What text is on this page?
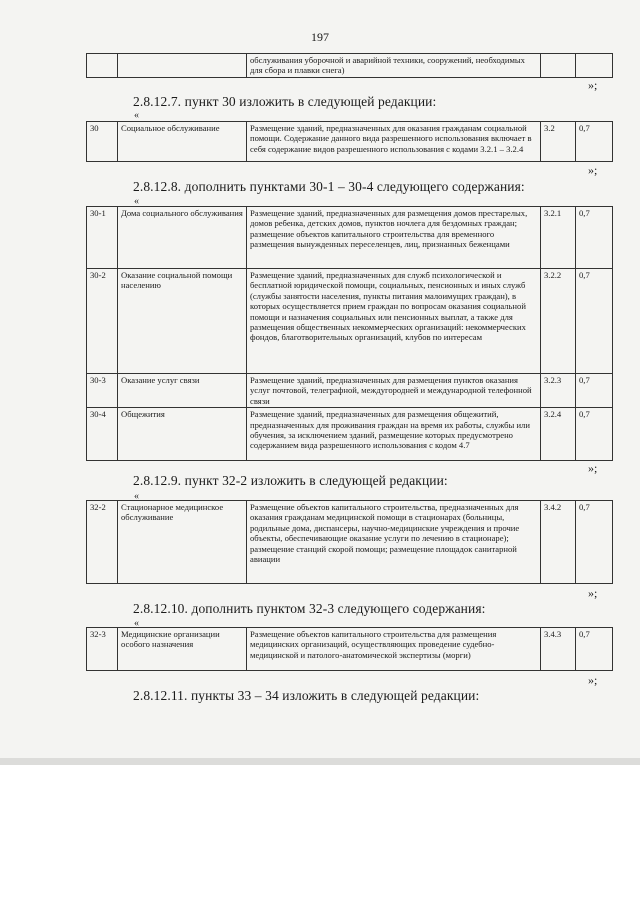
197
		обслуживания уборочной и аварийной техники, сооружений, необходимых для сбора и плавки снега)		
»;
2.8.12.7. пункт 30 изложить в следующей редакции:
«
30	Социальное обслуживание	Размещение зданий, предназначенных для оказания гражданам социальной помощи. Содержание данного вида разрешенного использования включает в себя содержание видов разрешенного использования с кодами 3.2.1 – 3.2.4	3.2	0,7
»;
2.8.12.8. дополнить пунктами 30-1 – 30-4 следующего содержания:
«
30-1	Дома социального обслуживания	Размещение зданий, предназначенных для размещения домов престарелых, домов ребенка, детских домов, пунктов ночлега для бездомных граждан; размещение объектов капитального строительства для временного размещения вынужденных переселенцев, лиц, признанных беженцами	3.2.1	0,7
30-2	Оказание социальной помощи населению	Размещение зданий, предназначенных для служб психологической и бесплатной юридической помощи, социальных, пенсионных и иных служб (службы занятости населения, пункты питания малоимущих граждан), в которых осуществляется прием граждан по вопросам оказания социальной помощи и назначения социальных или пенсионных выплат, а также для размещения общественных некоммерческих организаций: некоммерческих фондов, благотворительных организаций, клубов по интересам	3.2.2	0,7
30-3	Оказание услуг связи	Размещение зданий, предназначенных для размещения пунктов оказания услуг почтовой, телеграфной, междугородней и международной телефонной связи	3.2.3	0,7
30-4	Общежития	Размещение зданий, предназначенных для размещения общежитий, предназначенных для проживания граждан на время их работы, службы или обучения, за исключением зданий, размещение которых предусмотрено содержанием вида разрешенного использования с кодом 4.7	3.2.4	0,7
»;
2.8.12.9. пункт 32-2 изложить в следующей редакции:
«
32-2	Стационарное медицинское обслуживание	Размещение объектов капитального строительства, предназначенных для оказания гражданам медицинской помощи в стационарах (больницы, родильные дома, диспансеры, научно-медицинские учреждения и прочие объекты, обеспечивающие оказание услуги по лечению в стационаре); размещение станций скорой помощи; размещение площадок санитарной авиации	3.4.2	0,7
»;
2.8.12.10. дополнить пунктом 32-3 следующего содержания:
«
32-3	Медицинские организации особого назначения	Размещение объектов капитального строительства для размещения медицинских организаций, осуществляющих проведение судебно-медицинской и патолого-анатомической экспертизы (морги)	3.4.3	0,7
»;
2.8.12.11. пункты 33 – 34 изложить в следующей редакции:
